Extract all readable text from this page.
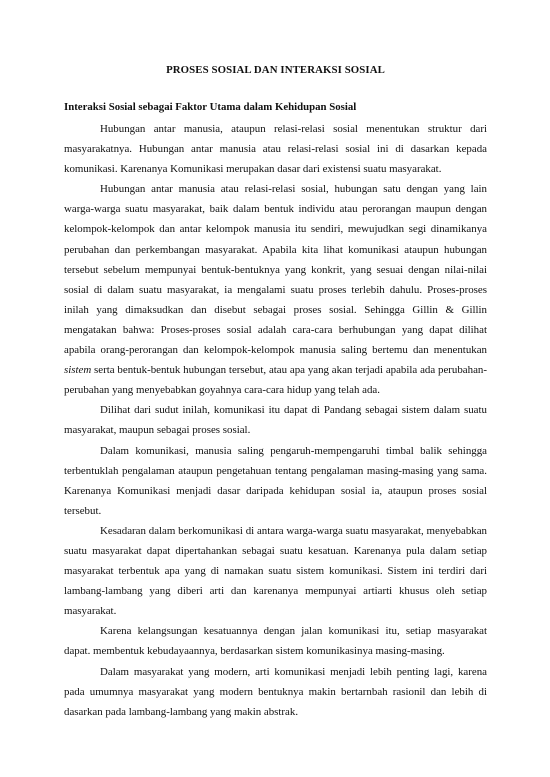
PROSES SOSIAL DAN INTERAKSI SOSIAL

Interaksi Sosial sebagai Faktor Utama dalam Kehidupan Sosial

Hubungan antar manusia, ataupun relasi-relasi sosial menentukan struktur dari masyarakatnya. Hubungan antar manusia atau relasi-relasi sosial ini di dasarkan kepada komunikasi. Karenanya Komunikasi merupakan dasar dari existensi suatu masyarakat.

Hubungan antar manusia atau relasi-relasi sosial, hubungan satu dengan yang lain warga-warga suatu masyarakat, baik dalam bentuk individu atau perorangan maupun dengan kelompok-kelompok dan antar kelompok manusia itu sendiri, mewujudkan segi dinamikanya perubahan dan perkembangan masyarakat. Apabila kita lihat komunikasi ataupun hubungan tersebut sebelum mempunyai bentuk-bentuknya yang konkrit, yang sesuai dengan nilai-nilai sosial di dalam suatu masyarakat, ia mengalami suatu proses terlebih dahulu. Proses-proses inilah yang dimaksudkan dan disebut sebagai proses sosial. Sehingga Gillin & Gillin mengatakan bahwa: Proses-proses sosial adalah cara-cara berhubungan yang dapat dilihat apabila orang-perorangan dan kelompok-kelompok manusia saling bertemu dan menentukan sistem serta bentuk-bentuk hubungan tersebut, atau apa yang akan terjadi apabila ada perubahan-perubahan yang menyebabkan goyahnya cara-cara hidup yang telah ada.

Dilihat dari sudut inilah, komunikasi itu dapat di Pandang sebagai sistem dalam suatu masyarakat, maupun sebagai proses sosial.

Dalam komunikasi, manusia saling pengaruh-mempengaruhi timbal balik sehingga terbentuklah pengalaman ataupun pengetahuan tentang pengalaman masing-masing yang sama. Karenanya Komunikasi menjadi dasar daripada kehidupan sosial ia, ataupun proses sosial tersebut.

Kesadaran dalam berkomunikasi di antara warga-warga suatu masyarakat, menyebabkan suatu masyarakat dapat dipertahankan sebagai suatu kesatuan. Karenanya pula dalam setiap masyarakat terbentuk apa yang di namakan suatu sistem komunikasi. Sistem ini terdiri dari lambang-lambang yang diberi arti dan karenanya mempunyai artiarti khusus oleh setiap masyarakat.

Karena kelangsungan kesatuannya dengan jalan komunikasi itu, setiap masyarakat dapat. membentuk kebudayaannya, berdasarkan sistem komunikasinya masing-masing.

Dalam masyarakat yang modern, arti komunikasi menjadi lebih penting lagi, karena pada umumnya masyarakat yang modern bentuknya makin bertarnbah rasionil dan lebih di dasarkan pada lambang-lambang yang makin abstrak.
